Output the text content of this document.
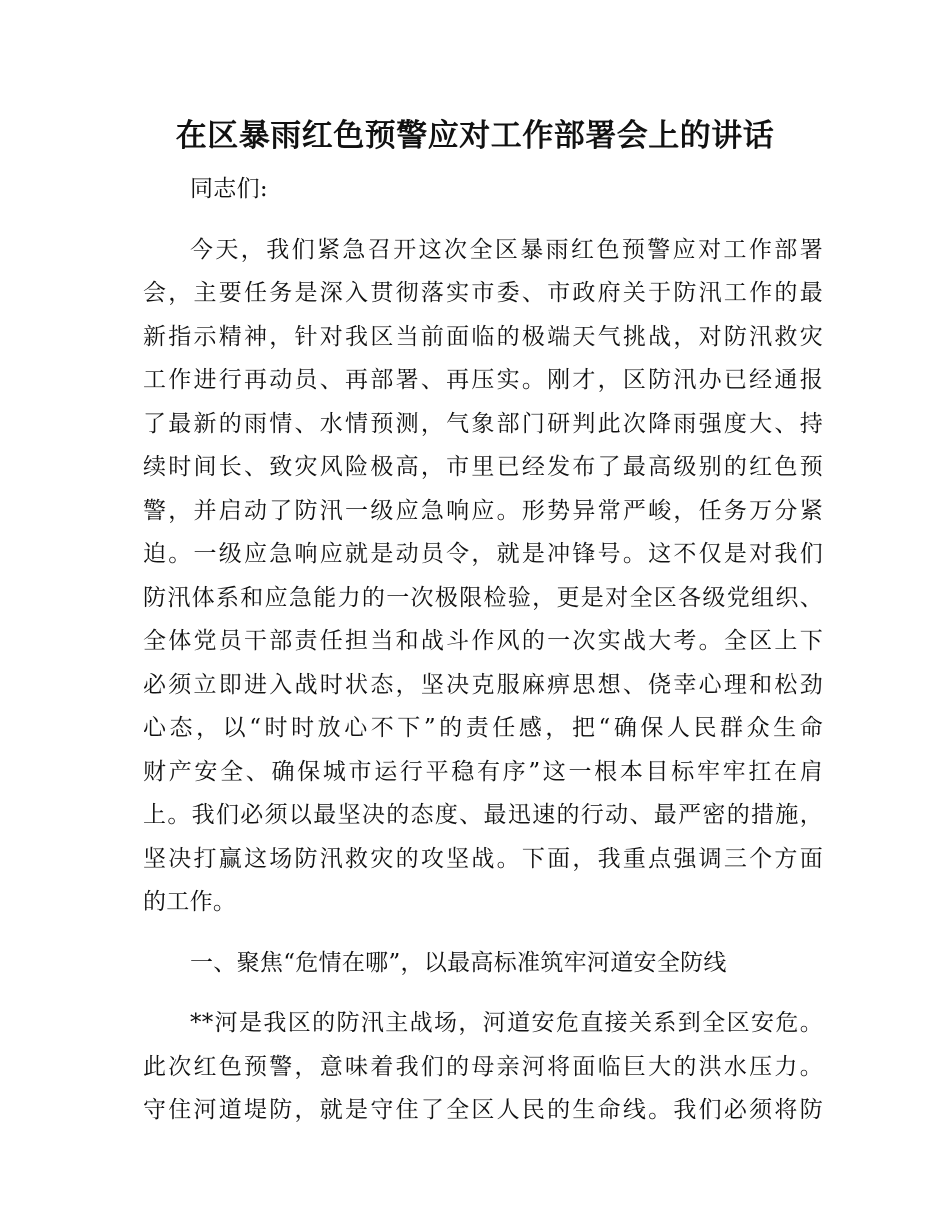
在区暴雨红色预警应对工作部署会上的讲话
同志们:
今天，我们紧急召开这次全区暴雨红色预警应对工作部署
会，主要任务是深入贯彻落实市委、市政府关于防汛工作的最
新指示精神，针对我区当前面临的极端天气挑战，对防汛救灾
工作进行再动员、再部署、再压实。刚才，区防汛办已经通报
了最新的雨情、水情预测，气象部门研判此次降雨强度大、持
续时间长、致灾风险极高，市里已经发布了最高级别的红色预
警，并启动了防汛一级应急响应。形势异常严峻，任务万分紧
迫。一级应急响应就是动员令，就是冲锋号。这不仅是对我们
防汛体系和应急能力的一次极限检验，更是对全区各级党组织、
全体党员干部责任担当和战斗作风的一次实战大考。全区上下
必须立即进入战时状态，坚决克服麻痹思想、侥幸心理和松劲
心态，以“时时放心不下”的责任感，把“确保人民群众生命
财产安全、确保城市运行平稳有序”这一根本目标牢牢扛在肩
上。我们必须以最坚决的态度、最迅速的行动、最严密的措施，
坚决打赢这场防汛救灾的攻坚战。下面，我重点强调三个方面
的工作。
一、聚焦“危情在哪”，以最高标准筑牢河道安全防线
**河是我区的防汛主战场，河道安危直接关系到全区安危。
此次红色预警，意味着我们的母亲河将面临巨大的洪水压力。
守住河道堤防，就是守住了全区人民的生命线。我们必须将防
